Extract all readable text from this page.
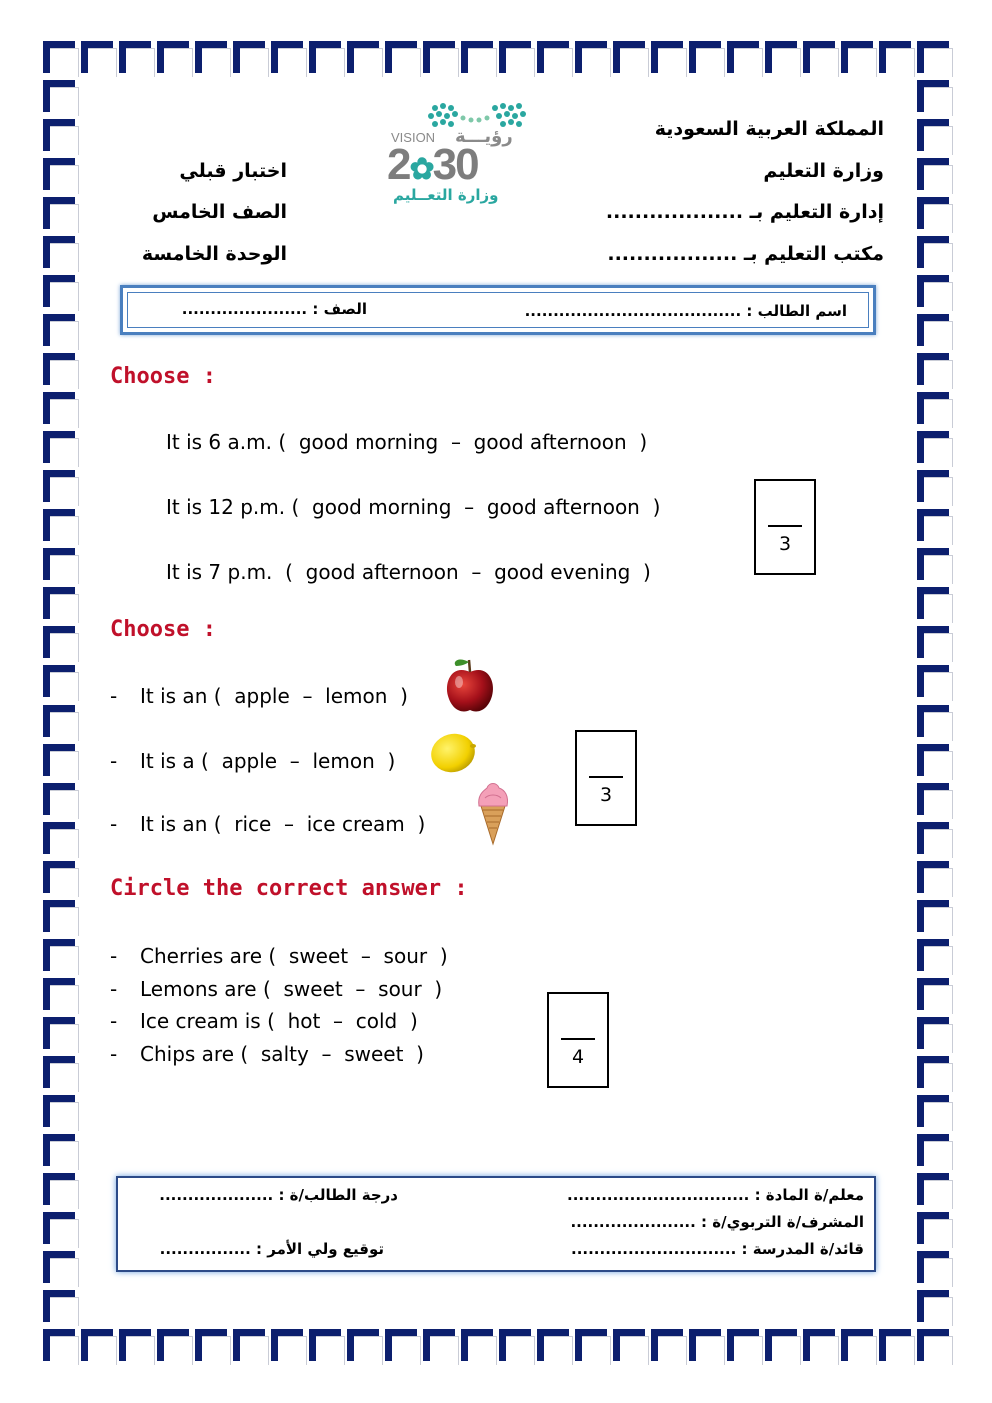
المملكة العربية السعودية
وزارة التعليم
إدارة التعليم بـ ...................
مكتب التعليم بـ ..................
اختبار قبلي
الصف الخامس
الوحدة الخامسة
VISION رؤيـــة
2✿30
وزارة التعــليم
اسم الطالب : ......................................
الصف : ......................
Choose :
It is 6 a.m. (  good morning  –  good afternoon  )
It is 12 p.m. (  good morning  –  good afternoon  )
It is 7 p.m.  (  good afternoon  –  good evening  )
3
Choose :
- It is an (  apple  –  lemon  )
- It is a (  apple  –  lemon  )
- It is an (  rice  –  ice cream  )
3
Circle the correct answer :
- Cherries are (  sweet  –  sour  )
- Lemons are (  sweet  –  sour  )
- Ice cream is (  hot  –  cold  )
- Chips are (  salty  –  sweet  )	4
معلم/ة المادة : ................................
درجة الطالب/ة : ....................
المشرف/ة التربوي/ة : ......................
قائد/ة المدرسة : .............................
توقيع ولي الأمر : ................
